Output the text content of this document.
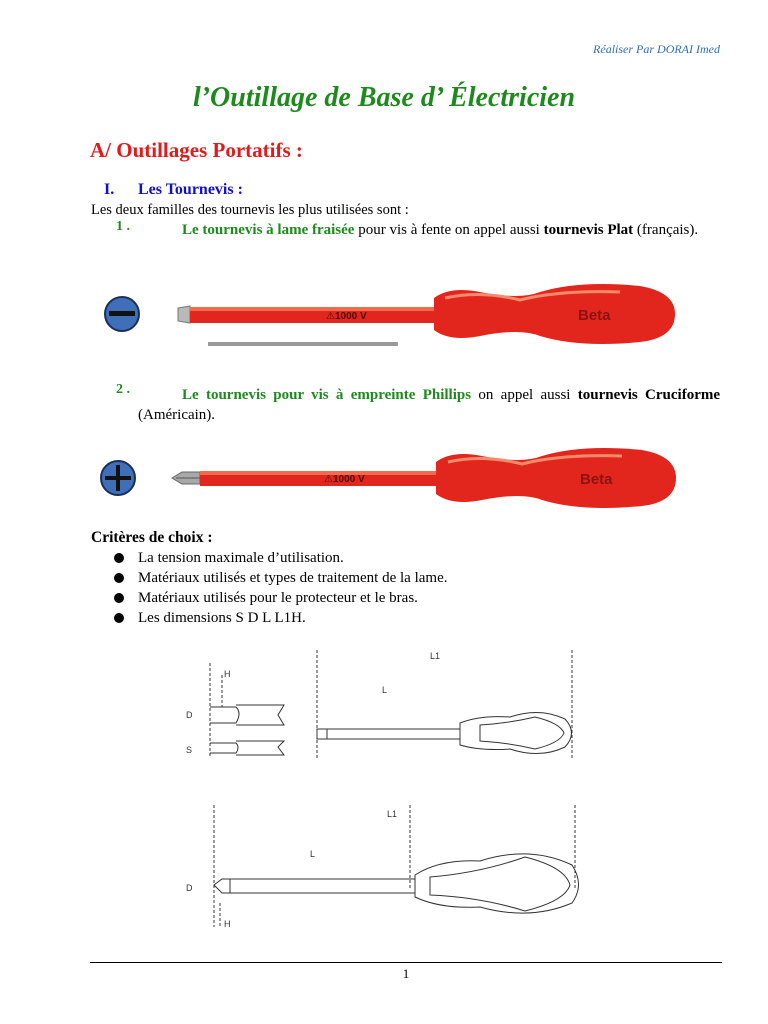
Réaliser Par DORAI Imed
l’Outillage de Base d’ Électricien
A/ Outillages Portatifs :
I. Les Tournevis :
Les deux familles des tournevis les plus utilisées sont :
1 .	Le tournevis à lame fraisée pour vis à fente on appel aussi tournevis Plat (français).
⚠1000 V	Beta
2 .	Le tournevis pour vis à empreinte Phillips on appel aussi tournevis Cruciforme (Américain).
⚠1000 V	Beta
Critères de choix :
La tension maximale d’utilisation.
Matériaux utilisés et types de traitement de la lame.
Matériaux utilisés pour le protecteur et le bras.
Les dimensions S D L L1H.
H
D
S
L1
L
L1
L
D
H
1
